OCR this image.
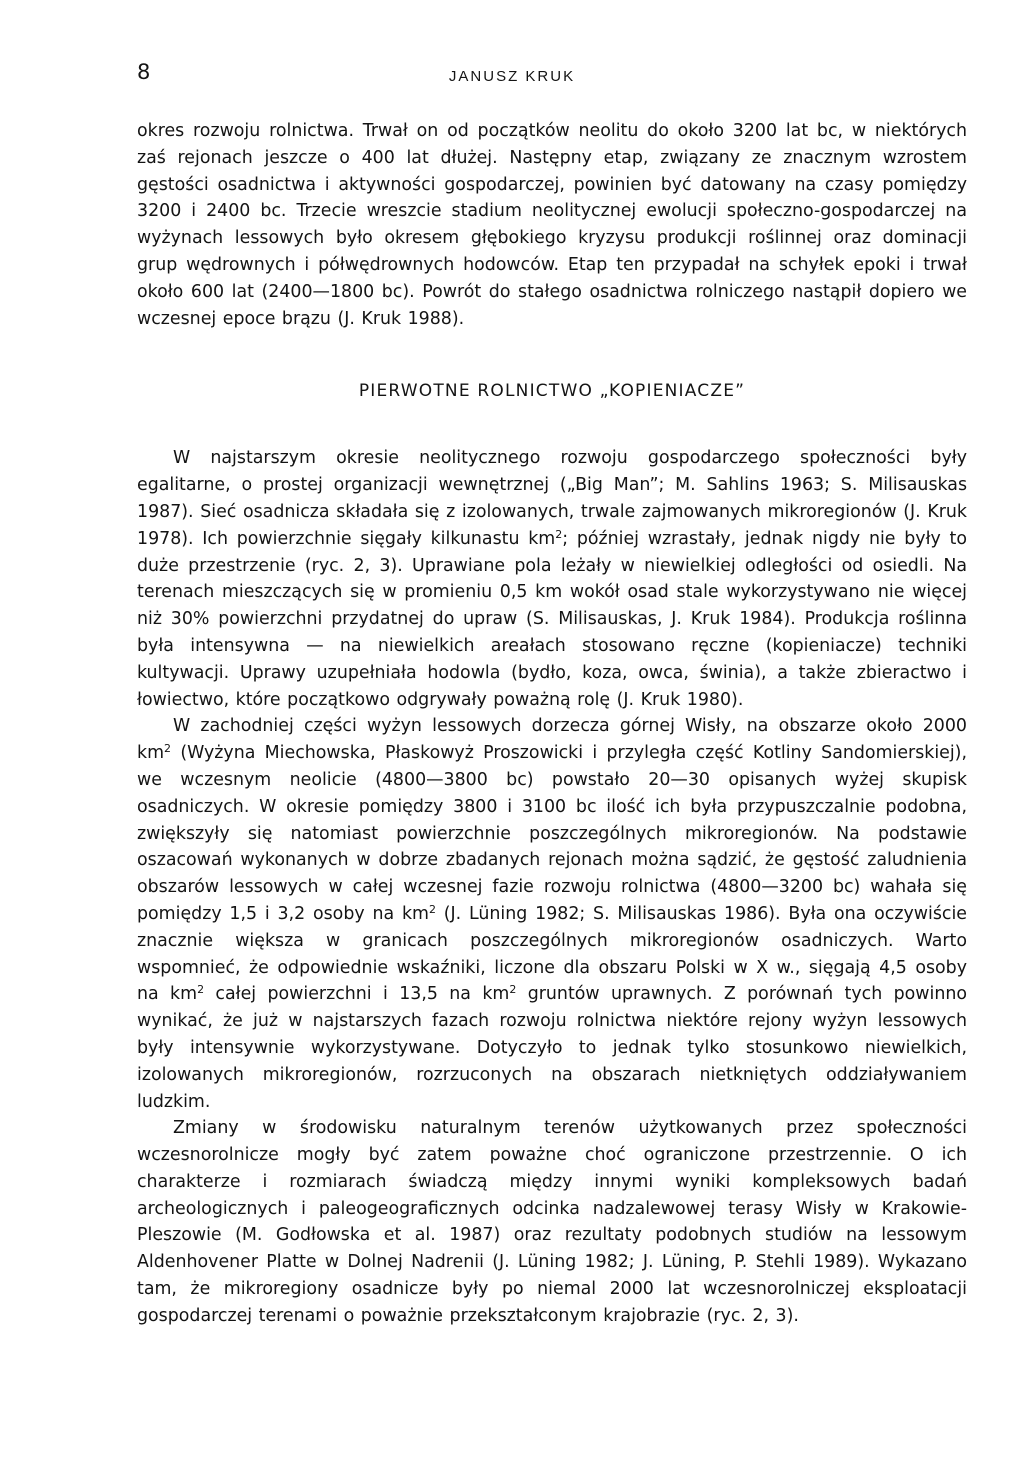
8	JANUSZ KRUK

okres rozwoju rolnictwa. Trwał on od początków neolitu do około 3200 lat bc, w niektórych zaś rejonach jeszcze o 400 lat dłużej. Następny etap, związany ze znacznym wzrostem gęstości osadnictwa i aktywności gospodarczej, powinien być datowany na czasy pomiędzy 3200 i 2400 bc. Trzecie wreszcie stadium neolitycznej ewolucji społeczno-gospodarczej na wyżynach lessowych było okresem głębokiego kryzysu produkcji roślinnej oraz dominacji grup wędrownych i półwędrownych hodowców. Etap ten przypadał na schyłek epoki i trwał około 600 lat (2400—1800 bc). Powrót do stałego osadnictwa rolniczego nastąpił dopiero we wczesnej epoce brązu (J. Kruk 1988).

PIERWOTNE ROLNICTWO „KOPIENIACZE”

W najstarszym okresie neolitycznego rozwoju gospodarczego społeczności były egalitarne, o prostej organizacji wewnętrznej („Big Man”; M. Sahlins 1963; S. Milisauskas 1987). Sieć osadnicza składała się z izolowanych, trwale zajmowanych mikroregionów (J. Kruk 1978). Ich powierzchnie sięgały kilkunastu $km^2$; później wzrastały, jednak nigdy nie były to duże przestrzenie (ryc. 2, 3). Uprawiane pola leżały w niewielkiej odległości od osiedli. Na terenach mieszczących się w promieniu 0,5 km wokół osad stale wykorzystywano nie więcej niż 30% powierzchni przydatnej do upraw (S. Milisauskas, J. Kruk 1984). Produkcja roślinna była intensywna — na niewielkich areałach stosowano ręczne (kopieniacze) techniki kultywacji. Uprawy uzupełniała hodowla (bydło, koza, owca, świnia), a także zbieractwo i łowiectwo, które początkowo odgrywały poważną rolę (J. Kruk 1980).

W zachodniej części wyżyn lessowych dorzecza górnej Wisły, na obszarze około 2000 $km^2$ (Wyżyna Miechowska, Płaskowyż Proszowicki i przyległa część Kotliny Sandomierskiej), we wczesnym neolicie (4800—3800 bc) powstało 20—30 opisanych wyżej skupisk osadniczych. W okresie pomiędzy 3800 i 3100 bc ilość ich była przypuszczalnie podobna, zwiększyły się natomiast powierzchnie poszczególnych mikroregionów. Na podstawie oszacowań wykonanych w dobrze zbadanych rejonach można sądzić, że gęstość zaludnienia obszarów lessowych w całej wczesnej fazie rozwoju rolnictwa (4800—3200 bc) wahała się pomiędzy 1,5 i 3,2 osoby na $km^2$ (J. Lüning 1982; S. Milisauskas 1986). Była ona oczywiście znacznie większa w granicach poszczególnych mikroregionów osadniczych. Warto wspomnieć, że odpowiednie wskaźniki, liczone dla obszaru Polski w X w., sięgają 4,5 osoby na $km^2$ całej powierzchni i 13,5 na $km^2$ gruntów uprawnych. Z porównań tych powinno wynikać, że już w najstarszych fazach rozwoju rolnictwa niektóre rejony wyżyn lessowych były intensywnie wykorzystywane. Dotyczyło to jednak tylko stosunkowo niewielkich, izolowanych mikroregionów, rozrzuconych na obszarach nietkniętych oddziaływaniem ludzkim.

Zmiany w środowisku naturalnym terenów użytkowanych przez społeczności wczesnorolnicze mogły być zatem poważne choć ograniczone przestrzennie. O ich charakterze i rozmiarach świadczą między innymi wyniki kompleksowych badań archeologicznych i paleogeograficznych odcinka nadzalewowej terasy Wisły w Krakowie-Pleszowie (M. Godłowska et al. 1987) oraz rezultaty podobnych studiów na lessowym Aldenhovener Platte w Dolnej Nadrenii (J. Lüning 1982; J. Lüning, P. Stehli 1989). Wykazano tam, że mikroregiony osadnicze były po niemal 2000 lat wczesnorolniczej eksploatacji gospodarczej terenami o poważnie przekształconym krajobrazie (ryc. 2, 3).
